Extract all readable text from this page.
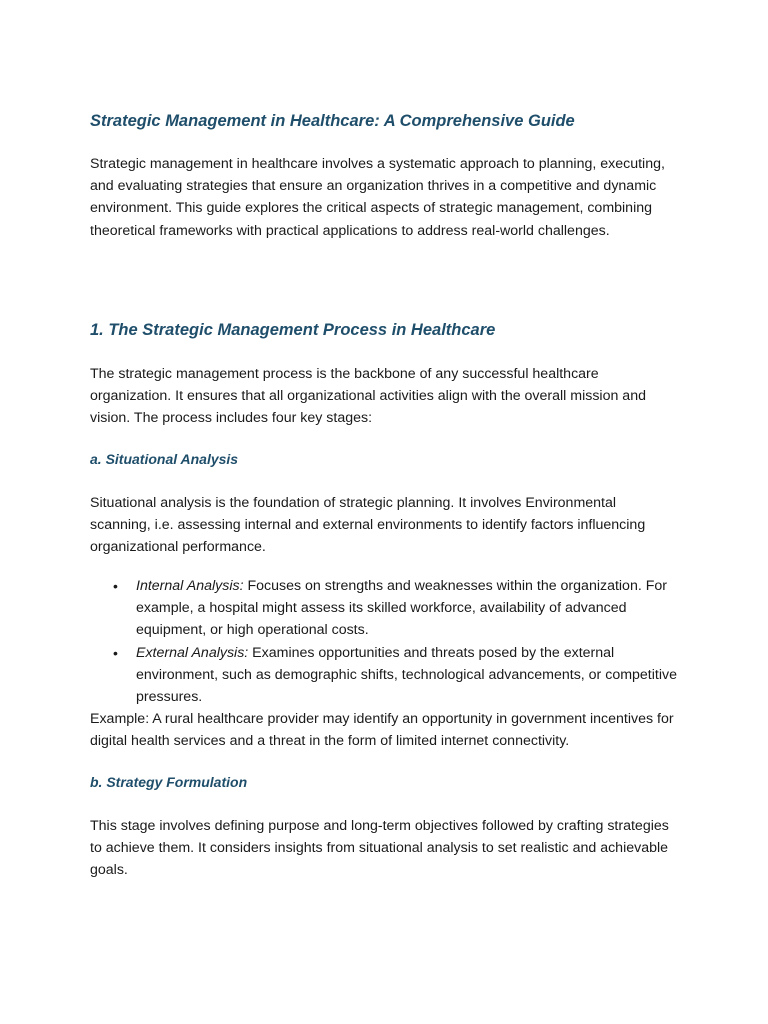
Strategic Management in Healthcare: A Comprehensive Guide

Strategic management in healthcare involves a systematic approach to planning, executing, and evaluating strategies that ensure an organization thrives in a competitive and dynamic environment. This guide explores the critical aspects of strategic management, combining theoretical frameworks with practical applications to address real-world challenges.

1. The Strategic Management Process in Healthcare

The strategic management process is the backbone of any successful healthcare organization. It ensures that all organizational activities align with the overall mission and vision. The process includes four key stages:

a. Situational Analysis

Situational analysis is the foundation of strategic planning. It involves Environmental scanning, i.e. assessing internal and external environments to identify factors influencing organizational performance.

• Internal Analysis: Focuses on strengths and weaknesses within the organization. For example, a hospital might assess its skilled workforce, availability of advanced equipment, or high operational costs.
• External Analysis: Examines opportunities and threats posed by the external environment, such as demographic shifts, technological advancements, or competitive pressures.

Example: A rural healthcare provider may identify an opportunity in government incentives for digital health services and a threat in the form of limited internet connectivity.

b. Strategy Formulation

This stage involves defining purpose and long-term objectives followed by crafting strategies to achieve them. It considers insights from situational analysis to set realistic and achievable goals.
